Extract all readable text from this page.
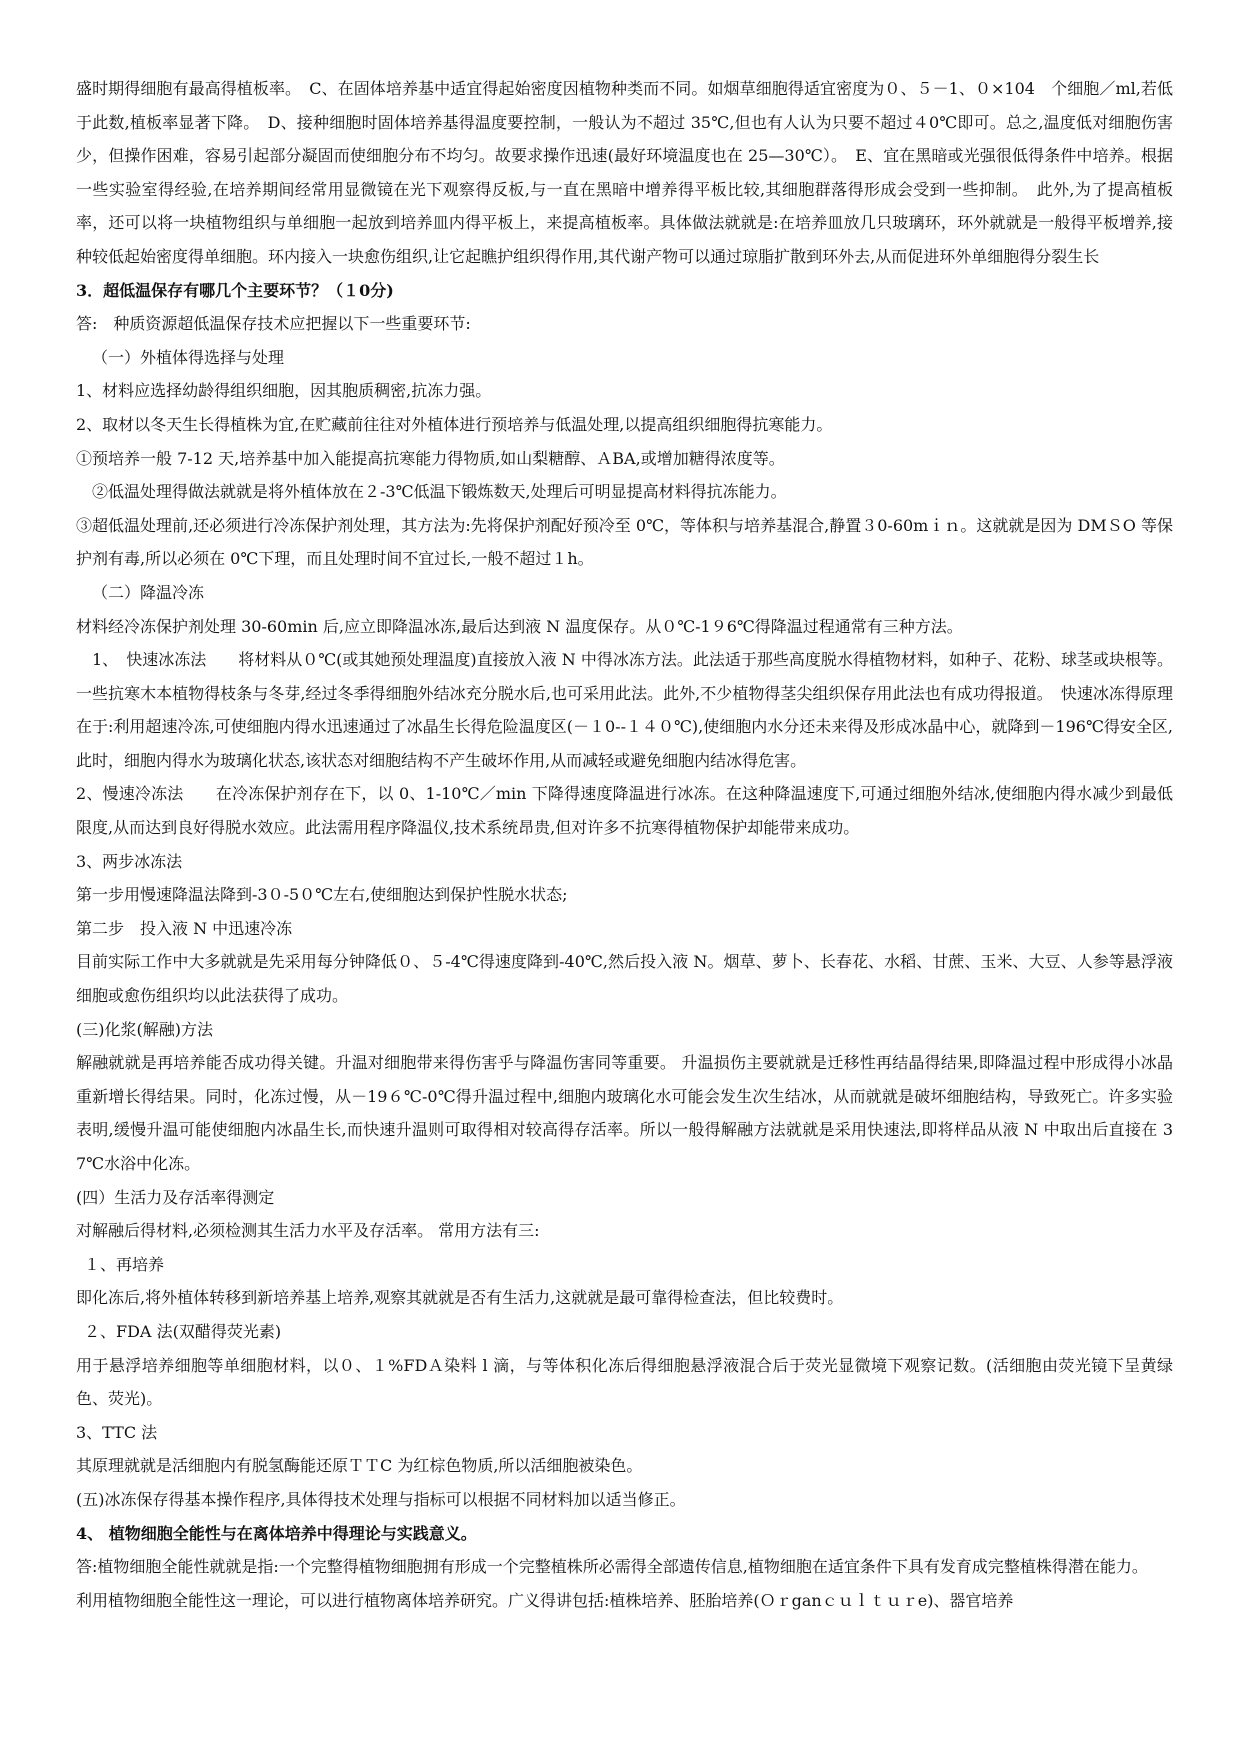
盛时期得细胞有最高得植板率。　C、在固体培养基中适宜得起始密度因植物种类而不同。如烟草细胞得适宜密度为０、５－1、０×104　个细胞／ml,若低于此数,植板率显著下降。　D、接种细胞时固体培养基得温度要控制，一般认为不超过 35℃,但也有人认为只要不超过４0℃即可。总之,温度低对细胞伤害少，但操作困难，容易引起部分凝固而使细胞分布不均匀。故要求操作迅速(最好环境温度也在 25—30℃）。　E、宜在黑暗或光强很低得条件中培养。根据一些实验室得经验,在培养期间经常用显微镜在光下观察得反板,与一直在黑暗中增养得平板比较,其细胞群落得形成会受到一些抑制。　此外,为了提高植板率，还可以将一块植物组织与单细胞一起放到培养皿内得平板上，来提高植板率。具体做法就就是:在培养皿放几只玻璃环，环外就就是一般得平板增养,接种较低起始密度得单细胞。环内接入一块愈伤组织,让它起瞧护组织得作用,其代谢产物可以通过琼脂扩散到环外去,从而促进环外单细胞得分裂生长

3．超低温保存有哪几个主要环节？（１0分)

答:　种质资源超低温保存技术应把握以下一些重要环节:

（一）外植体得选择与处理

1、材料应选择幼龄得组织细胞，因其胞质稠密,抗冻力强。

2、取材以冬天生长得植株为宜,在贮藏前往往对外植体进行预培养与低温处理,以提高组织细胞得抗寒能力。

①预培养一般 7-12 天,培养基中加入能提高抗寒能力得物质,如山梨糖醇、ＡBA,或增加糖得浓度等。

②低温处理得做法就就是将外植体放在２-3℃低温下锻炼数天,处理后可明显提高材料得抗冻能力。

③超低温处理前,还必须进行冷冻保护剂处理，其方法为:先将保护剂配好预冷至 0℃，等体积与培养基混合,静置３0-60mｉｎ。这就就是因为 DMＳO 等保护剂有毒,所以必须在 0℃下理，而且处理时间不宜过长,一般不超过１h。

（二）降温冷冻

材料经冷冻保护剂处理 30-60min 后,应立即降温冰冻,最后达到液 N 温度保存。从０℃-1９6℃得降温过程通常有三种方法。

　1、　快速冰冻法　　将材料从０℃(或其她预处理温度)直接放入液 N 中得冰冻方法。此法适于那些高度脱水得植物材料，如种子、花粉、球茎或块根等。一些抗寒木本植物得枝条与冬芽,经过冬季得细胞外结冰充分脱水后,也可采用此法。此外,不少植物得茎尖组织保存用此法也有成功得报道。　快速冰冻得原理在于:利用超速冷冻,可使细胞内得水迅速通过了冰晶生长得危险温度区(－１0--１４０℃),使细胞内水分还未来得及形成冰晶中心，就降到－196℃得安全区,此时，细胞内得水为玻璃化状态,该状态对细胞结构不产生破坏作用,从而减轻或避免细胞内结冰得危害。

2、慢速冷冻法　　在冷冻保护剂存在下，以 0、1-10℃／min 下降得速度降温进行冰冻。在这种降温速度下,可通过细胞外结冰,使细胞内得水减少到最低限度,从而达到良好得脱水效应。此法需用程序降温仪,技术系统昂贵,但对许多不抗寒得植物保护却能带来成功。

3、两步冰冻法

第一步用慢速降温法降到-3０-5０℃左右,使细胞达到保护性脱水状态;

第二步　投入液 N 中迅速冷冻

目前实际工作中大多就就是先采用每分钟降低０、５-4℃得速度降到-40℃,然后投入液 N。烟草、萝卜、长春花、水稻、甘蔗、玉米、大豆、人参等悬浮液细胞或愈伤组织均以此法获得了成功。

(三)化浆(解融)方法

解融就就是再培养能否成功得关键。升温对细胞带来得伤害乎与降温伤害同等重要。 升温损伤主要就就是迁移性再结晶得结果,即降温过程中形成得小冰晶重新增长得结果。同时，化冻过慢，从－19６℃-0℃得升温过程中,细胞内玻璃化水可能会发生次生结冰，从而就就是破坏细胞结构，导致死亡。许多实验表明,缓慢升温可能使细胞内冰晶生长,而快速升温则可取得相对较高得存活率。所以一般得解融方法就就是采用快速法,即将样品从液 N 中取出后直接在 37℃水浴中化冻。

(四）生活力及存活率得测定

对解融后得材料,必须检测其生活力水平及存活率。 常用方法有三:

１、再培养

即化冻后,将外植体转移到新培养基上培养,观察其就就是否有生活力,这就就是最可靠得检查法，但比较费时。

２、FDA 法(双醋得荧光素)

用于悬浮培养细胞等单细胞材料，以０、１%FDＡ染料 l 滴，与等体积化冻后得细胞悬浮液混合后于荧光显微境下观察记数。(活细胞由荧光镜下呈黄绿色、荧光)。

3、TTC 法

其原理就就是活细胞内有脱氢酶能还原ＴＴC 为红棕色物质,所以活细胞被染色。

(五)冰冻保存得基本操作程序,具体得技术处理与指标可以根据不同材料加以适当修正。

4、 植物细胞全能性与在离体培养中得理论与实践意义。

答:植物细胞全能性就就是指:一个完整得植物细胞拥有形成一个完整植株所必需得全部遗传信息,植物细胞在适宜条件下具有发育成完整植株得潜在能力。

利用植物细胞全能性这一理论，可以进行植物离体培养研究。广义得讲包括:植株培养、胚胎培养(Ｏｒganｃｕｌｔｕｒe)、器官培养
